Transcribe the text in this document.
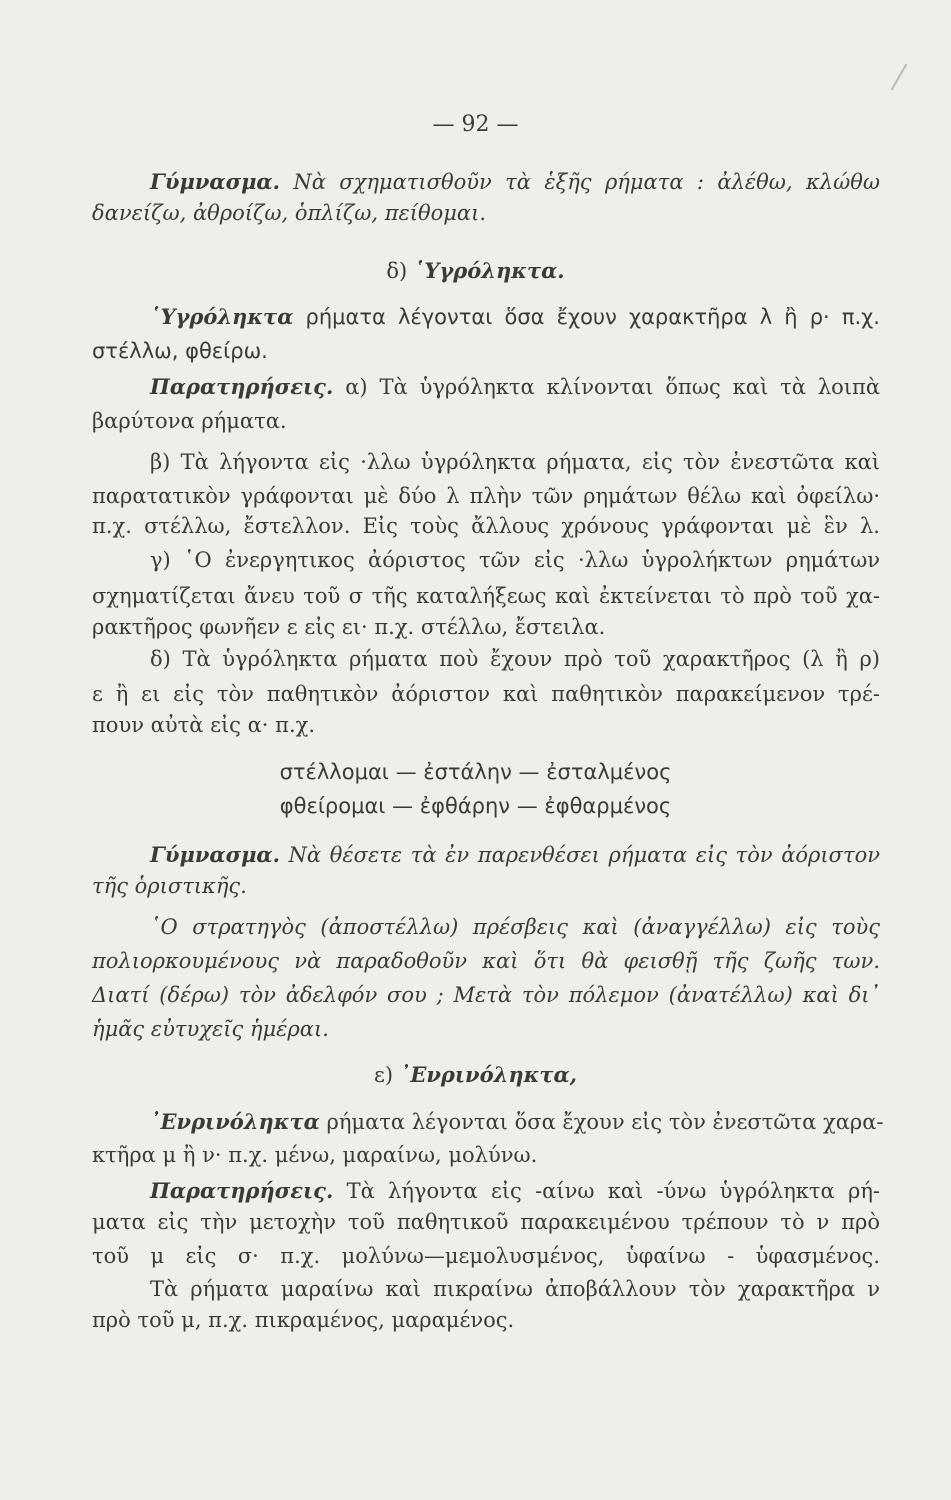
— 92 —
Γύμνασμα. Νὰ σχηματισθοῦν τὰ ἑξῆς ρήματα : ἀλέθω, κλώθω
δανείζω, ἀθροίζω, ὁπλίζω, πείθομαι.
δ) ῾Υγρόληκτα.
῾Υγρόληκτα ρήματα λέγονται ὅσα ἔχουν χαρακτῆρα λ ἢ ρ· π.χ.
στέλλω, φθείρω.
Παρατηρήσεις. α) Τὰ ὑγρόληκτα κλίνονται ὅπως καὶ τὰ λοιπὰ
βαρύτονα ρήματα.
β) Τὰ λήγοντα εἰς ·λλω ὑγρόληκτα ρήματα, εἰς τὸν ἐνεστῶτα καὶ
παρατατικὸν γράφονται μὲ δύο λ πλὴν τῶν ρημάτων θέλω καὶ ὀφείλω·
π.χ. στέλλω, ἔστελλον. Εἰς τοὺς ἄλλους χρόνους γράφονται μὲ ἓν λ.
γ) ῾Ο ἐνεργητικος ἀόριστος τῶν εἰς ·λλω ὑγρολήκτων ρημάτων
σχηματίζεται ἄνευ τοῦ σ τῆς καταλήξεως καὶ ἐκτείνεται τὸ πρὸ τοῦ χα-
ρακτῆρος φωνῆεν ε εἰς ει· π.χ. στέλλω, ἔστειλα.
δ) Τὰ ὑγρόληκτα ρήματα ποὺ ἔχουν πρὸ τοῦ χαρακτῆρος (λ ἢ ρ)
ε ἢ ει εἰς τὸν παθητικὸν ἀόριστον καὶ παθητικὸν παρακείμενον τρέ-
πουν αὐτὰ εἰς α· π.χ.
στέλλομαι — ἐστάλην — ἐσταλμένος
φθείρομαι — ἐφθάρην — ἐφθαρμένος
Γύμνασμα. Νὰ θέσετε τὰ ἐν παρενθέσει ρήματα εἰς τὸν ἀόριστον
τῆς ὁριστικῆς.
῾Ο στρατηγὸς (ἀποστέλλω) πρέσβεις καὶ (ἀναγγέλλω) εἰς τοὺς
πολιορκουμένους νὰ παραδοθοῦν καὶ ὅτι θὰ φεισθῇ τῆς ζωῆς των.
Διατί (δέρω) τὸν ἀδελφόν σου ; Μετὰ τὸν πόλεμον (ἀνατέλλω) καὶ δι᾽
ἡμᾶς εὐτυχεῖς ἡμέραι.
ε) ᾿Ενρινόληκτα,
᾿Ενρινόληκτα ρήματα λέγονται ὅσα ἔχουν εἰς τὸν ἐνεστῶτα χαρα-
κτῆρα μ ἢ ν· π.χ. μένω, μαραίνω, μολύνω.
Παρατηρήσεις. Τὰ λήγοντα εἰς -αίνω καὶ -ύνω ὑγρόληκτα ρή-
ματα εἰς τὴν μετοχὴν τοῦ παθητικοῦ παρακειμένου τρέπουν τὸ ν πρὸ
τοῦ μ εἰς σ· π.χ. μολύνω—μεμολυσμένος, ὑφαίνω - ὑφασμένος.
Τὰ ρήματα μαραίνω καὶ πικραίνω ἀποβάλλουν τὸν χαρακτῆρα ν
πρὸ τοῦ μ, π.χ. πικραμένος, μαραμένος.
